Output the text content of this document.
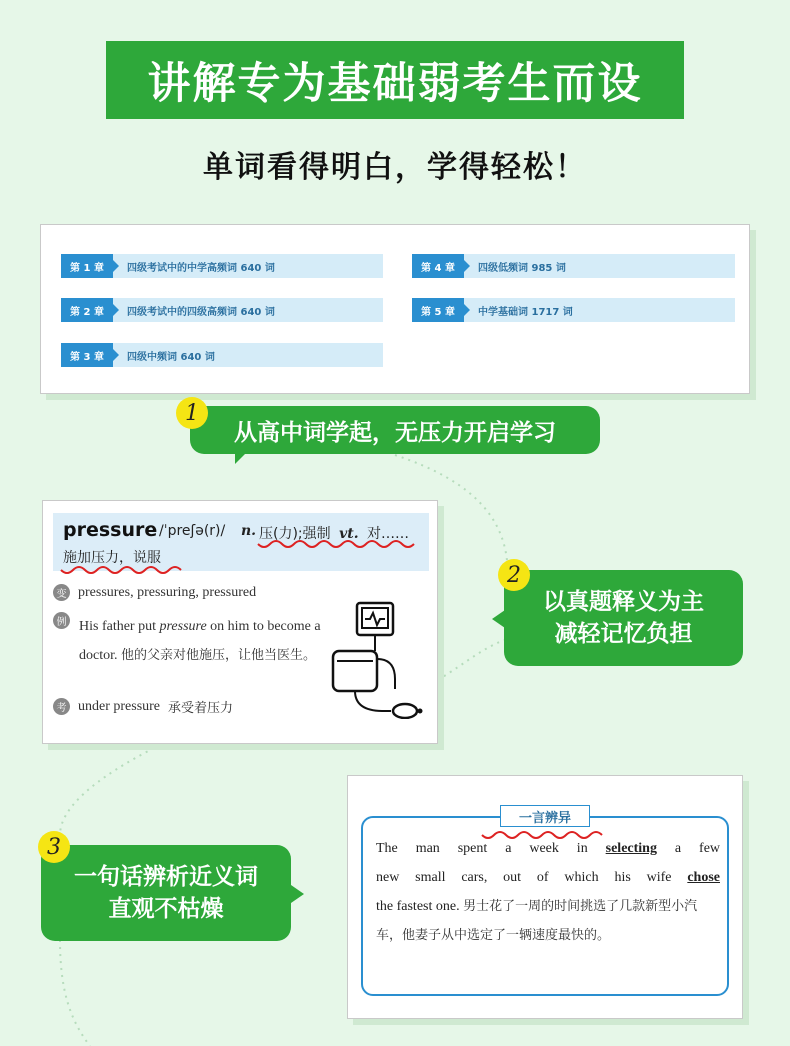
讲解专为基础弱考生而设
单词看得明白，学得轻松！
第 1 章	四级考试中的中学高频词 640 词
第 2 章	四级考试中的四级高频词 640 词
第 3 章	四级中频词 640 词
第 4 章	四级低频词 985 词
第 5 章	中学基础词 1717 词
从高中词学起，无压力开启学习
1
pressure /ˈpreʃə(r)/ n. 压(力);强制 vt. 对……
施加压力，说服
变 pressures, pressuring, pressured
例 His father put pressure on him to become a doctor. 他的父亲对他施压，让他当医生。
考 under pressure 承受着压力
以真题释义为主
减轻记忆负担
2
一句话辨析近义词
直观不枯燥
3
一言辨异
The man spent a week in selecting a few
new small cars, out of which his wife chose
the fastest one. 男士花了一周的时间挑选了几款新型小汽车，他妻子从中选定了一辆速度最快的。
